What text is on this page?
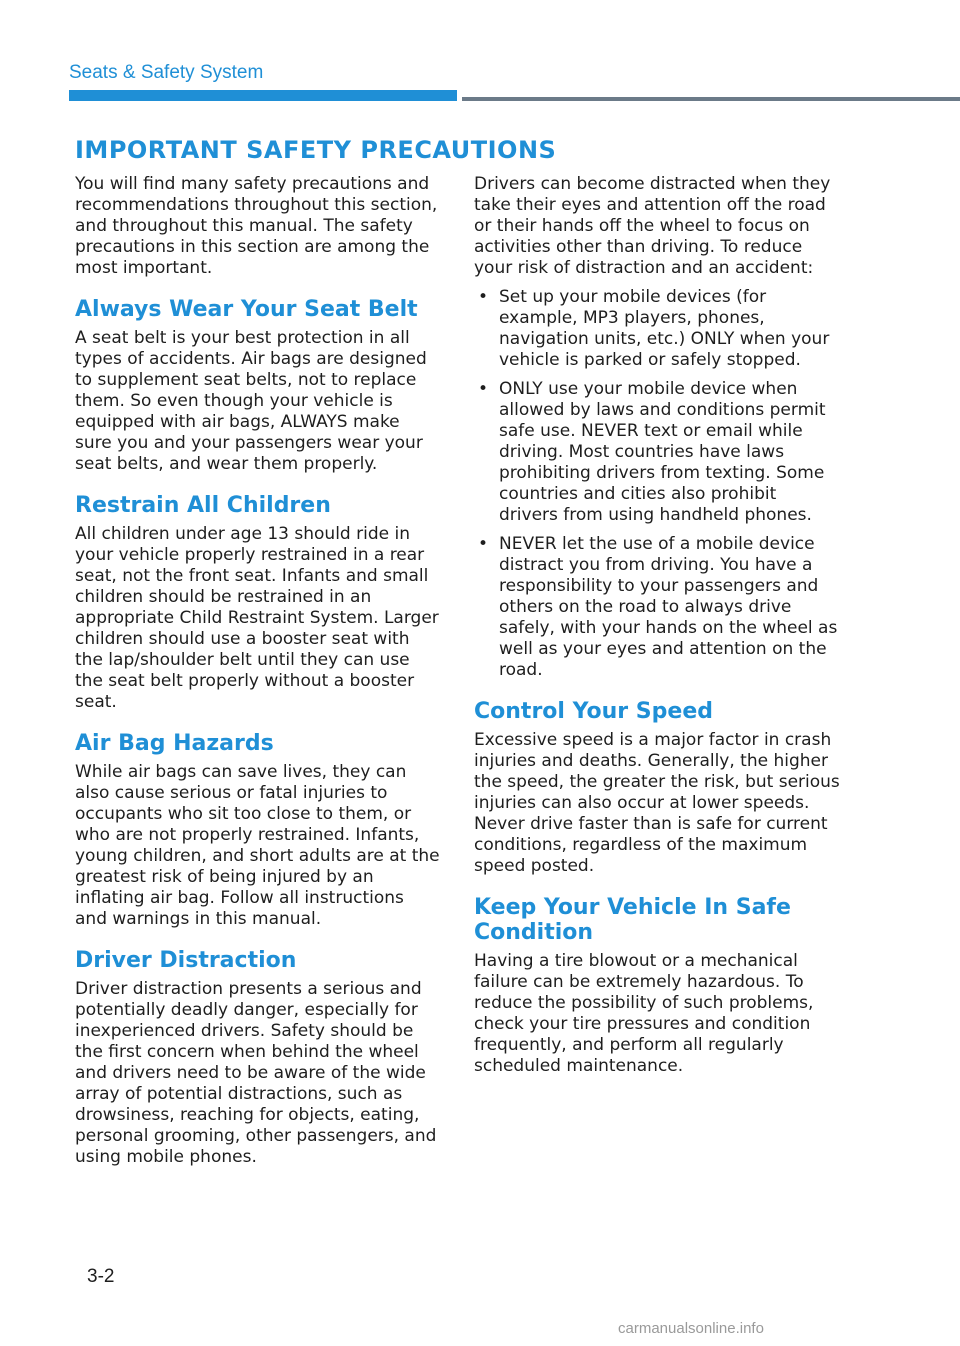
Seats & Safety System
IMPORTANT SAFETY PRECAUTIONS

You will find many safety precautions and recommendations throughout this section, and throughout this manual. The safety precautions in this section are among the most important.

Always Wear Your Seat Belt

A seat belt is your best protection in all types of accidents. Air bags are designed to supplement seat belts, not to replace them. So even though your vehicle is equipped with air bags, ALWAYS make sure you and your passengers wear your seat belts, and wear them properly.

Restrain All Children

All children under age 13 should ride in your vehicle properly restrained in a rear seat, not the front seat. Infants and small children should be restrained in an appropriate Child Restraint System. Larger children should use a booster seat with the lap/shoulder belt until they can use the seat belt properly without a booster seat.

Air Bag Hazards

While air bags can save lives, they can also cause serious or fatal injuries to occupants who sit too close to them, or who are not properly restrained. Infants, young children, and short adults are at the greatest risk of being injured by an inflating air bag. Follow all instructions and warnings in this manual.

Driver Distraction

Driver distraction presents a serious and potentially deadly danger, especially for inexperienced drivers. Safety should be the first concern when behind the wheel and drivers need to be aware of the wide array of potential distractions, such as drowsiness, reaching for objects, eating, personal grooming, other passengers, and using mobile phones.

Drivers can become distracted when they take their eyes and attention off the road or their hands off the wheel to focus on activities other than driving. To reduce your risk of distraction and an accident:

• Set up your mobile devices (for example, MP3 players, phones, navigation units, etc.) ONLY when your vehicle is parked or safely stopped.
• ONLY use your mobile device when allowed by laws and conditions permit safe use. NEVER text or email while driving. Most countries have laws prohibiting drivers from texting. Some countries and cities also prohibit drivers from using handheld phones.
• NEVER let the use of a mobile device distract you from driving. You have a responsibility to your passengers and others on the road to always drive safely, with your hands on the wheel as well as your eyes and attention on the road.
Control Your Speed

Excessive speed is a major factor in crash injuries and deaths. Generally, the higher the speed, the greater the risk, but serious injuries can also occur at lower speeds. Never drive faster than is safe for current conditions, regardless of the maximum speed posted.

Keep Your Vehicle In Safe Condition

Having a tire blowout or a mechanical failure can be extremely hazardous. To reduce the possibility of such problems, check your tire pressures and condition frequently, and perform all regularly scheduled maintenance.

3-2
carmanualsonline.info
